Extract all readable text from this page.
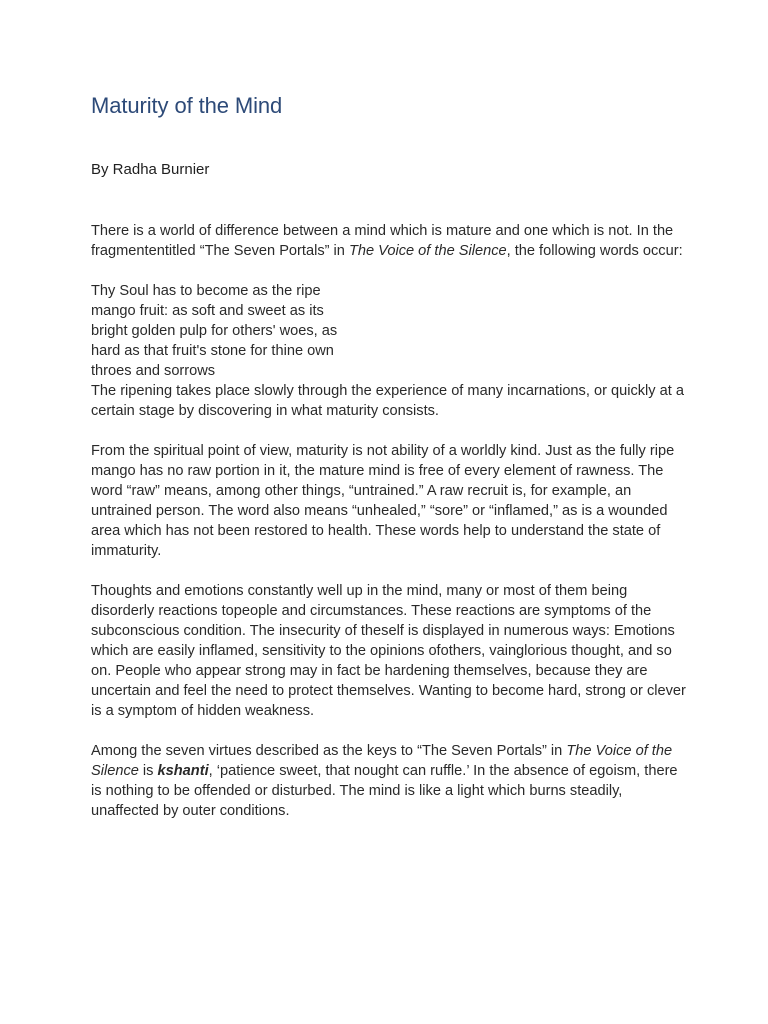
Maturity of the Mind
By Radha Burnier

There is a world of difference between a mind which is mature and one which is not. In the fragmententitled “The Seven Portals” in The Voice of the Silence, the following words occur:

Thy Soul has to become as the ripe
mango fruit: as soft and sweet as its
bright golden pulp for others' woes, as
hard as that fruit's stone for thine own
throes and sorrows

The ripening takes place slowly through the experience of many incarnations, or quickly at a certain stage by discovering in what maturity consists.

From the spiritual point of view, maturity is not ability of a worldly kind. Just as the fully ripe mango has no raw portion in it, the mature mind is free of every element of rawness. The word “raw” means, among other things, “untrained.” A raw recruit is, for example, an untrained person. The word also means “unhealed,” “sore” or “inflamed,” as is a wounded area which has not been restored to health. These words help to understand the state of immaturity.

Thoughts and emotions constantly well up in the mind, many or most of them being disorderly reactions topeople and circumstances. These reactions are symptoms of the subconscious condition. The insecurity of theself is displayed in numerous ways: Emotions which are easily inflamed, sensitivity to the opinions ofothers, vainglorious thought, and so on. People who appear strong may in fact be hardening themselves, because they are uncertain and feel the need to protect themselves. Wanting to become hard, strong or clever is a symptom of hidden weakness.

Among the seven virtues described as the keys to “The Seven Portals” in The Voice of the Silence is kshanti, ‘patience sweet, that nought can ruffle.’ In the absence of egoism, there is nothing to be offended or disturbed. The mind is like a light which burns steadily, unaffected by outer conditions.
